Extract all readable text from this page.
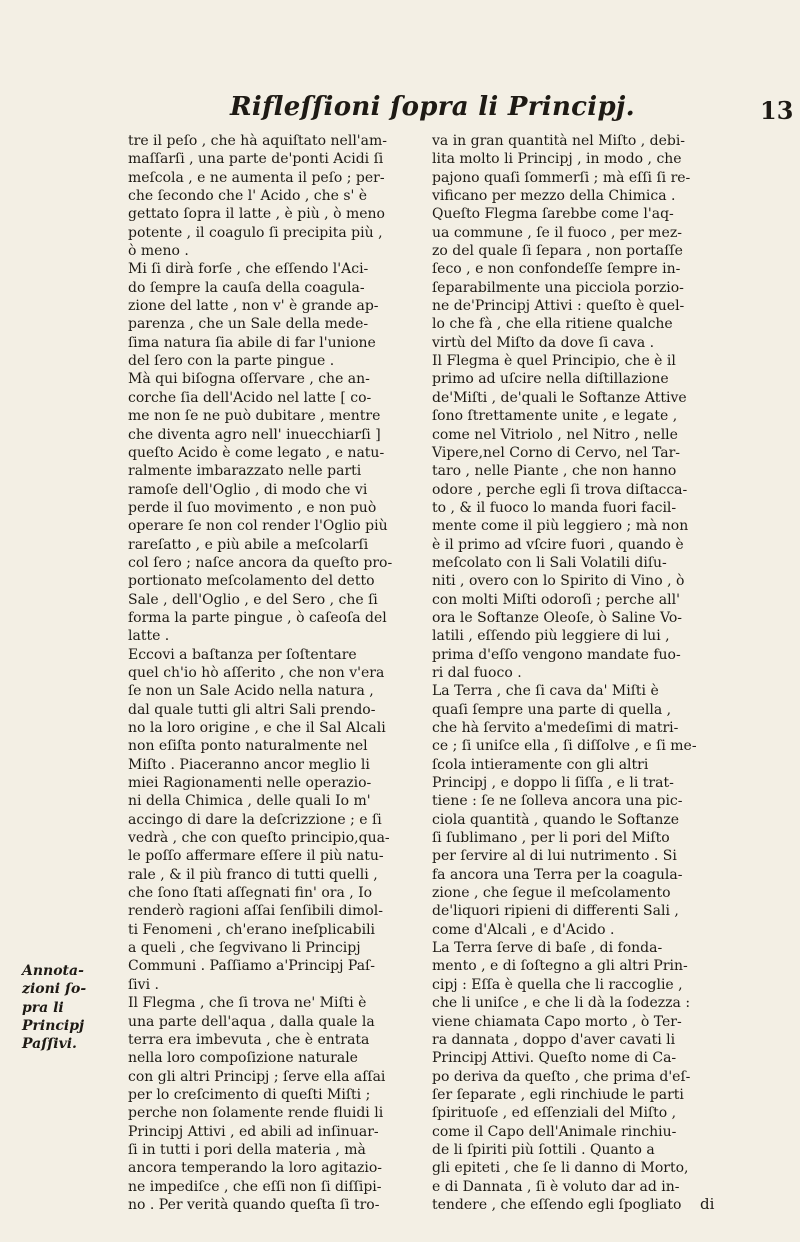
Rifleſſioni ſopra li Principj.	13
tre il peſo , che hà aquiſtato nell'am-
maſſarſi , una parte de'ponti Acidi ſi
meſcola , e ne aumenta il peſo ; per-
che ſecondo che l' Acido , che s' è
gettato ſopra il latte , è più , ò meno
potente , il coagulo ſi precipita più ,
ò meno .
Mi ſi dirà forſe , che eſſendo l'Aci-
do ſempre la cauſa della coagula-
zione del latte , non v' è grande ap-
parenza , che un Sale della mede-
ſima natura ſia abile di far l'unione
del ſero con la parte pingue .
Mà qui biſogna oſſervare , che an-
corche ſia dell'Acido nel latte [ co-
me non ſe ne può dubitare , mentre
che diventa agro nell' inuecchiarſi ]
queſto Acido è come legato , e natu-
ralmente imbarazzato nelle parti
ramoſe dell'Oglio , di modo che vi
perde il ſuo movimento , e non può
operare ſe non col render l'Oglio più
rareſatto , e più abile a meſcolarſi
col ſero ; naſce ancora da queſto pro-
portionato meſcolamento del detto
Sale , dell'Oglio , e del Sero , che ſi
forma la parte pingue , ò caſeoſa del
latte .
Eccovi a baſtanza per ſoſtentare
quel ch'io hò aſſerito , che non v'era
ſe non un Sale Acido nella natura ,
dal quale tutti gli altri Sali prendo-
no la loro origine , e che il Sal Alcali
non eſiſta ponto naturalmente nel
Miſto . Piaceranno ancor meglio li
miei Ragionamenti nelle operazio-
ni della Chimica , delle quali Io m'
accingo di dare la deſcrizzione ; e ſi
vedrà , che con queſto principio,qua-
le poſſo affermare eſſere il più natu-
rale , & il più franco di tutti quelli ,
che ſono ſtati aſſegnati fin' ora , Io
renderò ragioni aſſai ſenſibili dimol-
ti Fenomeni , ch'erano ineſplicabili
a queli , che ſegvivano li Principj
Communi . Paſſiamo a'Principj Paſ-
ſivi .
Il Flegma , che ſi trova ne' Miſti è
una parte dell'aqua , dalla quale la
terra era imbevuta , che è entrata
nella loro compoſizione naturale
con gli altri Principj ; ſerve ella aſſai
per lo creſcimento di queſti Miſti ;
perche non ſolamente rende fluidi li
Principj Attivi , ed abili ad inſinuar-
ſi in tutti i pori della materia , mà
ancora temperando la loro agitazio-
ne impediſce , che eſſi non ſi diſſipi-
no . Per verità quando queſta ſi tro-
va in gran quantità nel Miſto , debi-
lita molto li Principj , in modo , che
pajono quaſi ſommerſi ; mà eſſi ſi re-
vificano per mezzo della Chimica .
Queſto Flegma ſarebbe come l'aq-
ua commune , ſe il fuoco , per mez-
zo del quale ſi ſepara , non portaſſe
ſeco , e non confondeſſe ſempre in-
ſeparabilmente una picciola porzio-
ne de'Principj Attivi : queſto è quel-
lo che fà , che ella ritiene qualche
virtù del Miſto da dove ſi cava .
Il Flegma è quel Principio, che è il
primo ad uſcire nella diſtillazione
de'Miſti , de'quali le Softanze Attive
ſono ſtrettamente unite , e legate ,
come nel Vitriolo , nel Nitro , nelle
Vipere,nel Corno di Cervo, nel Tar-
taro , nelle Piante , che non hanno
odore , perche egli ſi trova diſtacca-
to , & il fuoco lo manda fuori facil-
mente come il più leggiero ; mà non
è il primo ad vſcire fuori , quando è
meſcolato con li Sali Volatili diſu-
niti , overo con lo Spirito di Vino , ò
con molti Miſti odoroſi ; perche all'
ora le Softanze Oleoſe, ò Saline Vo-
latili , eſſendo più leggiere di lui ,
prima d'eſſo vengono mandate fuo-
ri dal fuoco .
La Terra , che ſi cava da' Miſti è
quaſi ſempre una parte di quella ,
che hà ſervito a'medeſimi di matri-
ce ; ſi uniſce ella , ſi diſſolve , e ſi me-
ſcola intieramente con gli altri
Principj , e doppo li ſiſſa , e li trat-
tiene : ſe ne ſolleva ancora una pic-
ciola quantità , quando le Softanze
ſi ſublimano , per li pori del Miſto
per ſervire al di lui nutrimento . Si
fa ancora una Terra per la coagula-
zione , che ſegue il meſcolamento
de'liquori ripieni di differenti Sali ,
come d'Alcali , e d'Acido .
La Terra ſerve di baſe , di fonda-
mento , e di ſoſtegno a gli altri Prin-
cipj : Eſſa è quella che li raccoglie ,
che li uniſce , e che li dà la ſodezza :
viene chiamata Capo morto , ò Ter-
ra dannata , doppo d'aver cavati li
Principj Attivi. Queſto nome di Ca-
po deriva da queſto , che prima d'eſ-
ſer ſeparate , egli rinchiude le parti
ſpirituoſe , ed eſſenziali del Miſto ,
come il Capo dell'Animale rinchiu-
de li ſpiriti più ſottili . Quanto a
gli epiteti , che ſe li danno di Morto,
e di Dannata , ſi è voluto dar ad in-
tendere , che eſſendo egli ſpogliato
Annota-
zioni ſo-
pra li
Principj
Paſſivi.
di
